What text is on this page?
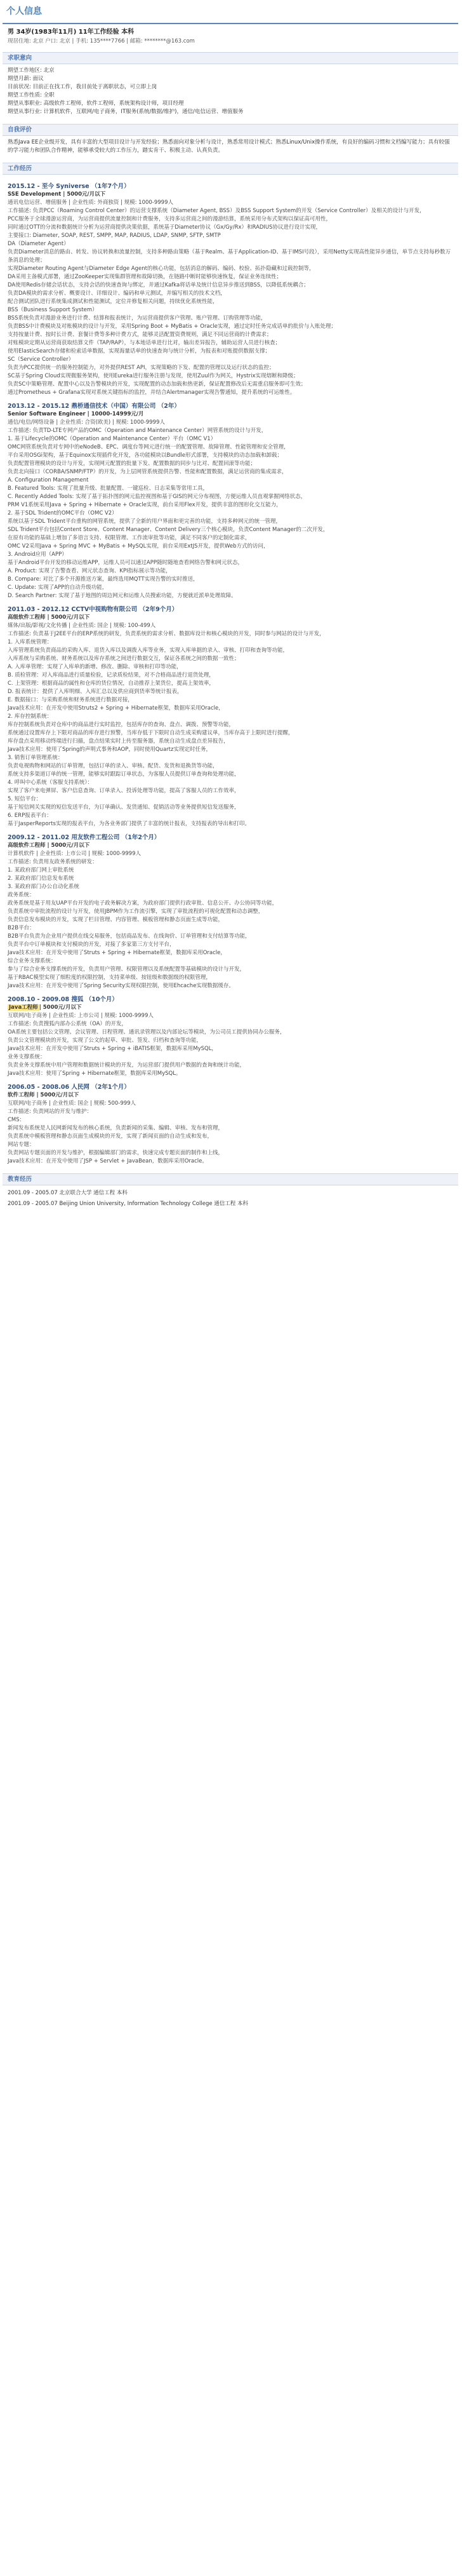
个人信息
男 34岁(1983年11月) 11年工作经验 本科
现居住地: 北京 户口: 北京 | 手机: 135****7766 | 邮箱: ********@163.com
求职意向
期望工作地区: 北京
期望月薪: 面议
目前状况: 目前正在找工作，我目前处于离职状态，可立即上岗
期望工作性质: 全职
期望从事职业: 高级软件工程师，软件工程师，系统架构设计师，项目经理
期望从事行业: 计算机软件，互联网/电子商务，IT服务(系统/数据/维护)，通信/电信运营、增值服务
自我评价
熟悉Java EE企业级开发，具有丰富的大型项目设计与开发经验；熟悉面向对象分析与设计，熟悉常用设计模式；熟悉Linux/Unix操作系统，有良好的编码习惯和文档编写能力；具有较强的学习能力和团队合作精神，能够承受较大的工作压力，踏实肯干、积极主动、认真负责。
工作经历
2015.12 - 至今 Syniverse （1年7个月）
SSE Development | 5000元/月以下
通讯电信运营、增值服务 | 企业性质: 外商独资 | 规模: 1000-9999人
工作描述: 负责PCC（Roaming Control Center）的运营支撑系统（Diameter Agent, BSS）及BSS Support System的开发（Service Controller）及相关的设计与开发，
PCC服务于全球漫游运营商，为运营商提供流量控制和计费服务，支持多运营商之间的漫游结算，系统采用分布式架构以保证高可用性，
同时通过OTT的分流和数据统计分析为运营商提供决策依据，系统基于Diameter协议（Gx/Gy/Rx）和RADIUS协议进行设计实现，
主要接口: Diameter, SOAP, REST, SMPP, MAP, RADIUS, LDAP, SNMP, SFTP, SMTP
DA（Diameter Agent）
负责Diameter消息的路由、转发、协议转换和流量控制，支持多种路由策略（基于Realm、基于Application-ID、基于IMSI号段），采用Netty实现高性能异步通信，单节点支持每秒数万条消息的处理；
实现Diameter Routing Agent与Diameter Edge Agent的核心功能，包括消息的解码、编码、校验、拓扑隐藏和过载控制等，
DA采用主备模式部署，通过ZooKeeper实现集群管理和故障切换，在链路中断时能够快速恢复，保证业务连续性；
DA使用Redis存储会话状态，支持会话的快速查询与绑定，并通过Kafka将话单及统计信息异步推送到BSS，以降低系统耦合；
负责DA模块的需求分析、概要设计、详细设计、编码和单元测试，并编写相关的技术文档，
配合测试团队进行系统集成测试和性能测试，定位并修复相关问题，持续优化系统性能，
BSS（Business Support System）
BSS系统负责对漫游业务进行计费、结算和报表统计，为运营商提供客户管理、账户管理、订购管理等功能，
负责BSS中计费模块及对账模块的设计与开发，采用Spring Boot + MyBatis + Oracle实现，通过定时任务完成话单的批价与入账处理；
支持按量计费、按时长计费、套餐计费等多种计费方式，能够灵活配置资费规则，满足不同运营商的计费需求；
对账模块定期从运营商获取结算文件（TAP/RAP），与本地话单进行比对，输出差异报告，辅助运营人员进行核查；
使用ElasticSearch存储和检索话单数据，实现海量话单的快速查询与统计分析，为报表和对账提供数据支撑；
SC（Service Controller）
负责为PCC提供统一的服务控制能力，对外提供REST API，实现策略的下发、配置的管理以及运行状态的监控；
SC基于Spring Cloud实现微服务架构，使用Eureka进行服务注册与发现，使用Zuul作为网关，Hystrix实现熔断和降级；
负责SC中策略管理、配置中心以及告警模块的开发，实现配置的动态加载和热更新，保证配置修改后无需重启服务即可生效；
通过Prometheus + Grafana实现对系统关键指标的监控，并结合Alertmanager实现告警通知，提升系统的可运维性。
2013.12 - 2015.12 鼎桥通信技术（中国）有限公司 （2年）
Senior Software Engineer | 10000-14999元/月
通信/电信/网络设备 | 企业性质: 合资(欧美) | 规模: 1000-9999人
工作描述: 负责TD-LTE专网产品的OMC（Operation and Maintenance Center）网管系统的设计与开发，
1. 基于Lifecycle的OMC（Operation and Maintenance Center）平台（OMC V1）
OMC网管系统负责对专网中的eNodeB、EPC、调度台等网元进行统一的配置管理、故障管理、性能管理和安全管理，
平台采用OSGi架构，基于Equinox实现插件化开发，各功能模块以Bundle形式部署，支持模块的动态加载和卸载；
负责配置管理模块的设计与开发，实现网元配置的批量下发、配置数据的同步与比对、配置回滚等功能；
负责北向接口（CORBA/SNMP/FTP）的开发，为上层网管系统提供告警、性能和配置数据，满足运营商的集成需求，
A. Configuration Management
B. Featured Tools: 实现了批量升级、批量配置、一键巡检、日志采集等常用工具，
C. Recently Added Tools: 实现了基于拓扑图的网元监控视图和基于GIS的网元分布视图，方便运维人员直观掌握网络状态，
PRM V1系统采用Java + Spring + Hibernate + Oracle实现，前台采用Flex开发，提供丰富的图形化交互能力，
2. 基于SDL Trident的OMC平台（OMC V2）
系统以基于SDL Trident平台重构的网管系统，提供了全新的用户界面和更完善的功能，支持多种网元的统一管理，
SDL Trident平台包括Content Store、Content Manager、Content Delivery三个核心模块，负责Content Manager的二次开发，
在原有功能的基础上增加了多语言支持、权限管理、工作流审批等功能，满足不同客户的定制化需求，
OMC V2采用Java + Spring MVC + MyBatis + MySQL实现，前台采用ExtJS开发，提供Web方式的访问，
3. Android应用（APP）
基于Android平台开发的移动运维APP，运维人员可以通过APP随时随地查看网络告警和网元状态，
A. Product: 实现了告警查看、网元状态查询、KPI指标展示等功能，
B. Compare: 对比了多个开源推送方案，最终选用MQTT实现告警的实时推送，
C. Update: 实现了APP的自动升级功能，
D. Search Partner: 实现了基于地图的周边网元和运维人员搜索功能，方便就近派单处理故障。
2011.03 - 2012.12 CCTV中视购物有限公司 （2年9个月）
高级软件工程师 | 5000元/月以下
媒体/出版/影视/文化传播 | 企业性质: 国企 | 规模: 100-499人
工作描述: 负责基于J2EE平台的ERP系统的研发，负责系统的需求分析、数据库设计和核心模块的开发，同时参与网站的设计与开发，
1. 入库系统管理：
入库管理系统负责商品的采购入库、退货入库以及调拨入库等业务，实现入库单据的录入、审核、打印和查询等功能，
入库系统与采购系统、财务系统以及库存系统之间进行数据交互，保证各系统之间的数据一致性；
A. 入库单管理：实现了入库单的新增、修改、删除、审核和打印等功能，
B. 质检管理：对入库商品进行质量检验，记录质检结果，对不合格商品进行退货处理，
C. 上架管理：根据商品的属性和仓库的货位情况，自动推荐上架货位，提高上架效率，
D. 报表统计：提供了入库明细、入库汇总以及供应商到货率等统计报表，
E. 数据接口：与采购系统和财务系统进行数据对接，
Java技术应用：在开发中使用Struts2 + Spring + Hibernate框架，数据库采用Oracle，
2. 库存控制系统：
库存控制系统负责对仓库中的商品进行实时监控，包括库存的查询、盘点、调拨、预警等功能，
系统通过设置库存上下限对商品的库存进行预警，当库存低于下限时自动生成采购建议单，当库存高于上限时进行提醒，
库存盘点采用移动终端进行扫描，盘点结果实时上传至服务器，系统自动生成盘点差异报告，
Java技术应用：使用了Spring的声明式事务和AOP，同时使用Quartz实现定时任务，
3. 销售订单管理系统：
负责电视购物和网站的订单管理，包括订单的录入、审核、配货、发货和退换货等功能，
系统支持多渠道订单的统一管理，能够实时跟踪订单状态，为客服人员提供订单查询和处理功能，
4. 呼叫中心系统（客服支持系统）：
实现了客户来电弹屏、客户信息查询、订单录入、投诉处理等功能，提高了客服人员的工作效率，
5. 短信平台：
基于短信网关实现的短信发送平台，为订单确认、发货通知、促销活动等业务提供短信发送服务，
6. ERP报表平台：
基于JasperReports实现的报表平台，为各业务部门提供了丰富的统计报表，支持报表的导出和打印。
2009.12 - 2011.02 用友软件工程公司 （1年2个月）
高级软件工程师 | 5000元/月以下
计算机软件 | 企业性质: 上市公司 | 规模: 1000-9999人
工作描述: 负责用友政务系统的研发：
1. 某政府部门网上审批系统
2. 某政府部门信息发布系统
3. 某政府部门办公自动化系统
政务系统：
政务系统是基于用友UAP平台开发的电子政务解决方案，为政府部门提供行政审批、信息公开、办公协同等功能，
负责系统中审批流程的设计与开发，使用JBPM作为工作流引擎，实现了审批流程的可视化配置和动态调整，
负责信息发布模块的开发，实现了栏目管理、内容管理、模板管理和静态页面生成等功能，
B2B平台：
B2B平台负责为企业用户提供在线交易服务，包括商品发布、在线询价、订单管理和支付结算等功能，
负责平台中订单模块和支付模块的开发，对接了多家第三方支付平台，
Java技术应用：在开发中使用了Struts + Spring + Hibernate框架，数据库采用Oracle，
综合业务支撑系统：
参与了综合业务支撑系统的开发，负责用户管理、权限管理以及系统配置等基础模块的设计与开发，
基于RBAC模型实现了细粒度的权限控制，支持菜单级、按钮级和数据级的权限管理，
Java技术应用：在开发中使用了Spring Security实现权限控制，使用Ehcache实现数据缓存。
2008.10 - 2009.08 搜狐 （10个月）
Java工程师 | 5000元/月以下
互联网/电子商务 | 企业性质: 上市公司 | 规模: 1000-9999人
工作描述: 负责搜狐内部办公系统（OA）的开发，
OA系统主要包括公文管理、会议管理、日程管理、通讯录管理以及内部论坛等模块，为公司员工提供协同办公服务，
负责公文管理模块的开发，实现了公文的起草、审批、签发、归档和查询等功能，
Java技术应用：在开发中使用了Struts + Spring + iBATIS框架，数据库采用MySQL，
业务支撑系统：
负责业务支撑系统中用户管理和数据统计模块的开发，为运营部门提供用户数据的查询和统计功能，
Java技术应用：使用了Spring + Hibernate框架，数据库采用MySQL。
2006.05 - 2008.06 人民网 （2年1个月）
软件工程师 | 5000元/月以下
互联网/电子商务 | 企业性质: 国企 | 规模: 500-999人
工作描述: 负责网站的开发与维护：
CMS：
新闻发布系统是人民网新闻发布的核心系统，负责新闻的采集、编辑、审核、发布和管理，
负责系统中模板管理和静态页面生成模块的开发，实现了新闻页面的自动生成和发布，
网站专题：
负责网站专题页面的开发与维护，根据编辑部门的需求，快速完成专题页面的制作和上线，
Java技术应用：在开发中使用了JSP + Servlet + JavaBean，数据库采用Oracle。
教育经历
2001.09 - 2005.07 北京联合大学 通信工程 本科
2001.09 - 2005.07 Beijing Union University, Information Technology College 通信工程 本科
